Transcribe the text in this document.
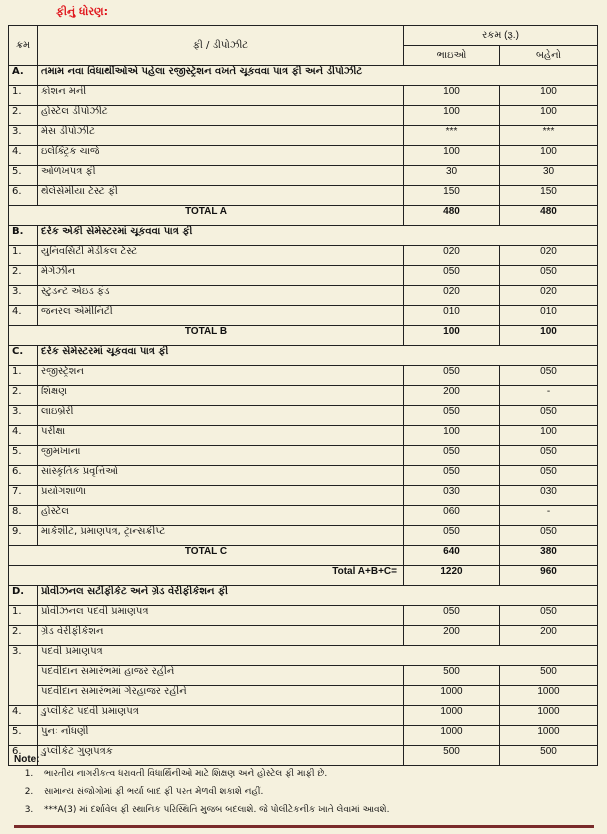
ફીનું ધોરણ:
ક્રમ	ફી / ડીપોઝીટ	રકમ (રૂ.)	
		ભાઇઓ	બહેનો
A.	તમામ નવા વિધાર્થીઓએ પહેલા રજીસ્ટ્રેશન વખતે ચૂકવવા પાત્ર ફી અને ડીપોઝીટ		
1.	કોશન મની	100	100
2.	હોસ્ટેલ ડીપોઝીટ	100	100
3.	મેસ ડીપોઝીટ	***	***
4.	ઇલેક્ટ્રિક ચાર્જ	100	100
5.	ઓળખપત્ર ફી	30	30
6.	થેલેસેમીયા ટેસ્ટ ફી	150	150
TOTAL A		480	480
B.	દરેક એકી સેમેસ્ટરમાં ચૂકવવા પાત્ર ફી		
1.	યુનિવર્સિટી મેડીકલ ટેસ્ટ	020	020
2.	મેગેઝીન	050	050
3.	સ્ટુડન્ટ એઇડ ફંડ	020	020
4.	જનરલ એમીનિટી	010	010
TOTAL B		100	100
C.	દરેક સેમેસ્ટરમાં ચૂકવવા પાત્ર ફી		
1.	રજીસ્ટ્રેશન	050	050
2.	શિક્ષણ	200	-
3.	લાઇબ્રેરી	050	050
4.	પરીક્ષા	100	100
5.	જીમખાના	050	050
6.	સાંસ્કૃતિક પ્રવૃત્તિઓ	050	050
7.	પ્રયોગશાળા	030	030
8.	હોસ્ટેલ	060	-
9.	માર્કશીટ, પ્રમાણપત્ર, ટ્રાન્સક્રીપ્ટ	050	050
TOTAL C		640	380
Total A+B+C=		1220	960
D.	પ્રોવીઝનલ સર્ટીફીકેટ અને ગ્રેડ વેરીફીકેશન ફી		
1.	પ્રોવીઝનલ પદવી પ્રમાણપત્ર	050	050
2.	ગ્રેડ વેરીફીકેશન	200	200
3.	પદવી પ્રમાણપત્ર		
	પદવીદાન સમારંભમાં હાજર રહીને	500	500
	પદવીદાન સમારંભમાં ગેરહાજર રહીને	1000	1000
4.	ડુપ્લીકેટ પદવી પ્રમાણપત્ર	1000	1000
5.	પુનઃ નોંધણી	1000	1000
6.	ડુપ્લીકેટ ગુણપત્રક	500	500
Note:
1.	ભારતીય નાગરીકત્વ ધરાવતી વિધાર્થિનીઓ માટે શિક્ષણ અને હોસ્ટેલ ફી માફી છે.
2.	સામાન્ય સંજોગોમાં ફી ભર્યા બાદ ફી પરત મેળવી શકાશે નહીં.
3.	***A(3) માં દર્શાવેલ ફી સ્થાનિક પરિસ્થિતિ મુજબ બદલાશે. જે પોલીટેકનીક ખાતે લેવામાં આવશે.
